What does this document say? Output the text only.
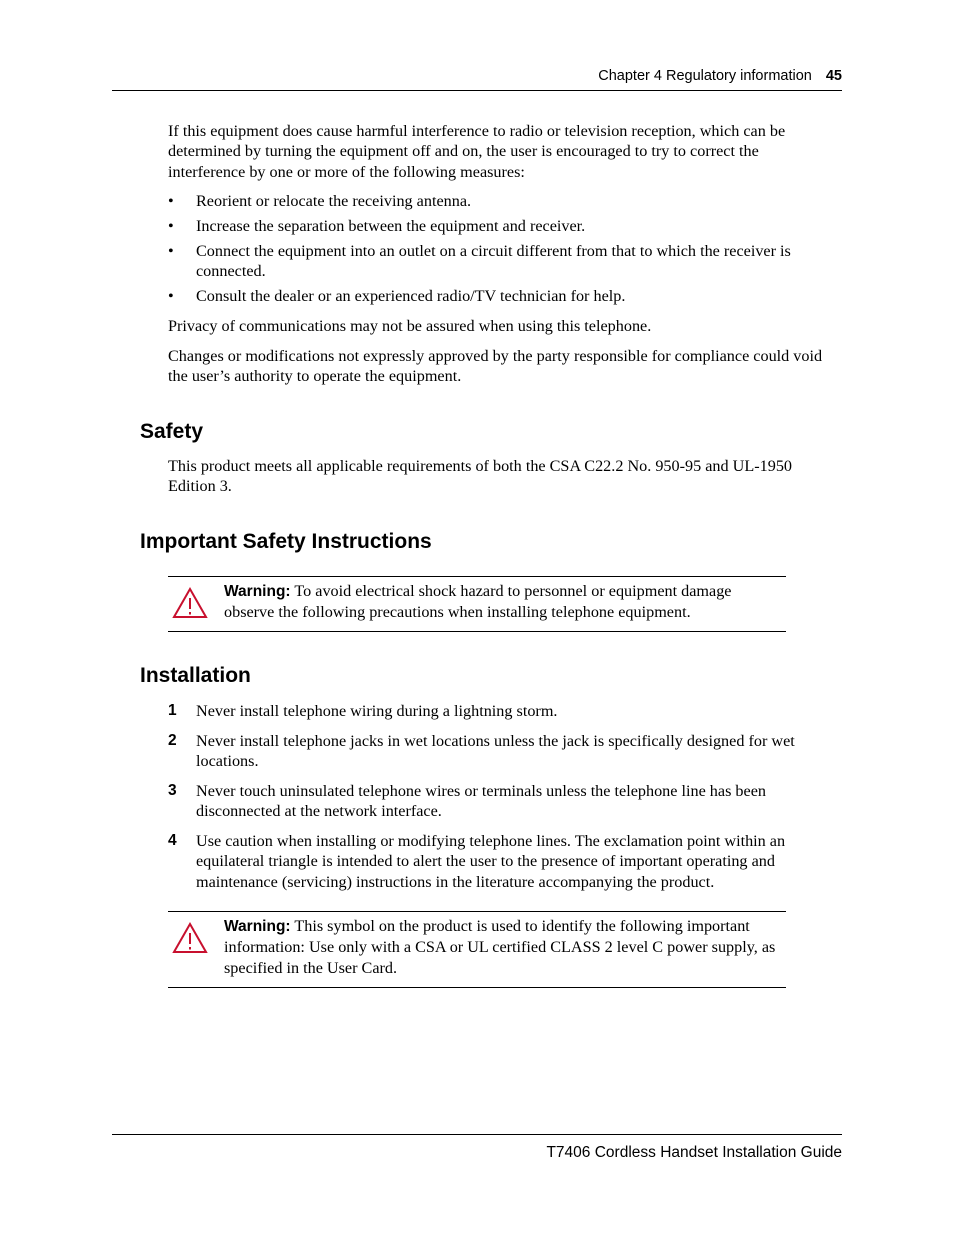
Chapter 4 Regulatory information 45

If this equipment does cause harmful interference to radio or television reception, which can be determined by turning the equipment off and on, the user is encouraged to try to correct the interference by one or more of the following measures:

• Reorient or relocate the receiving antenna.
• Increase the separation between the equipment and receiver.
• Connect the equipment into an outlet on a circuit different from that to which the receiver is connected.
• Consult the dealer or an experienced radio/TV technician for help.

Privacy of communications may not be assured when using this telephone.

Changes or modifications not expressly approved by the party responsible for compliance could void the user’s authority to operate the equipment.

Safety

This product meets all applicable requirements of both the CSA C22.2 No. 950-95 and UL-1950 Edition 3.

Important Safety Instructions
Warning: To avoid electrical shock hazard to personnel or equipment damage observe the following precautions when installing telephone equipment.
Installation
1 Never install telephone wiring during a lightning storm.
2 Never install telephone jacks in wet locations unless the jack is specifically designed for wet locations.
3 Never touch uninsulated telephone wires or terminals unless the telephone line has been disconnected at the network interface.
4 Use caution when installing or modifying telephone lines. The exclamation point within an equilateral triangle is intended to alert the user to the presence of important operating and maintenance (servicing) instructions in the literature accompanying the product.
Warning: This symbol on the product is used to identify the following important information: Use only with a CSA or UL certified CLASS 2 level C power supply, as specified in the User Card.
T7406 Cordless Handset Installation Guide
